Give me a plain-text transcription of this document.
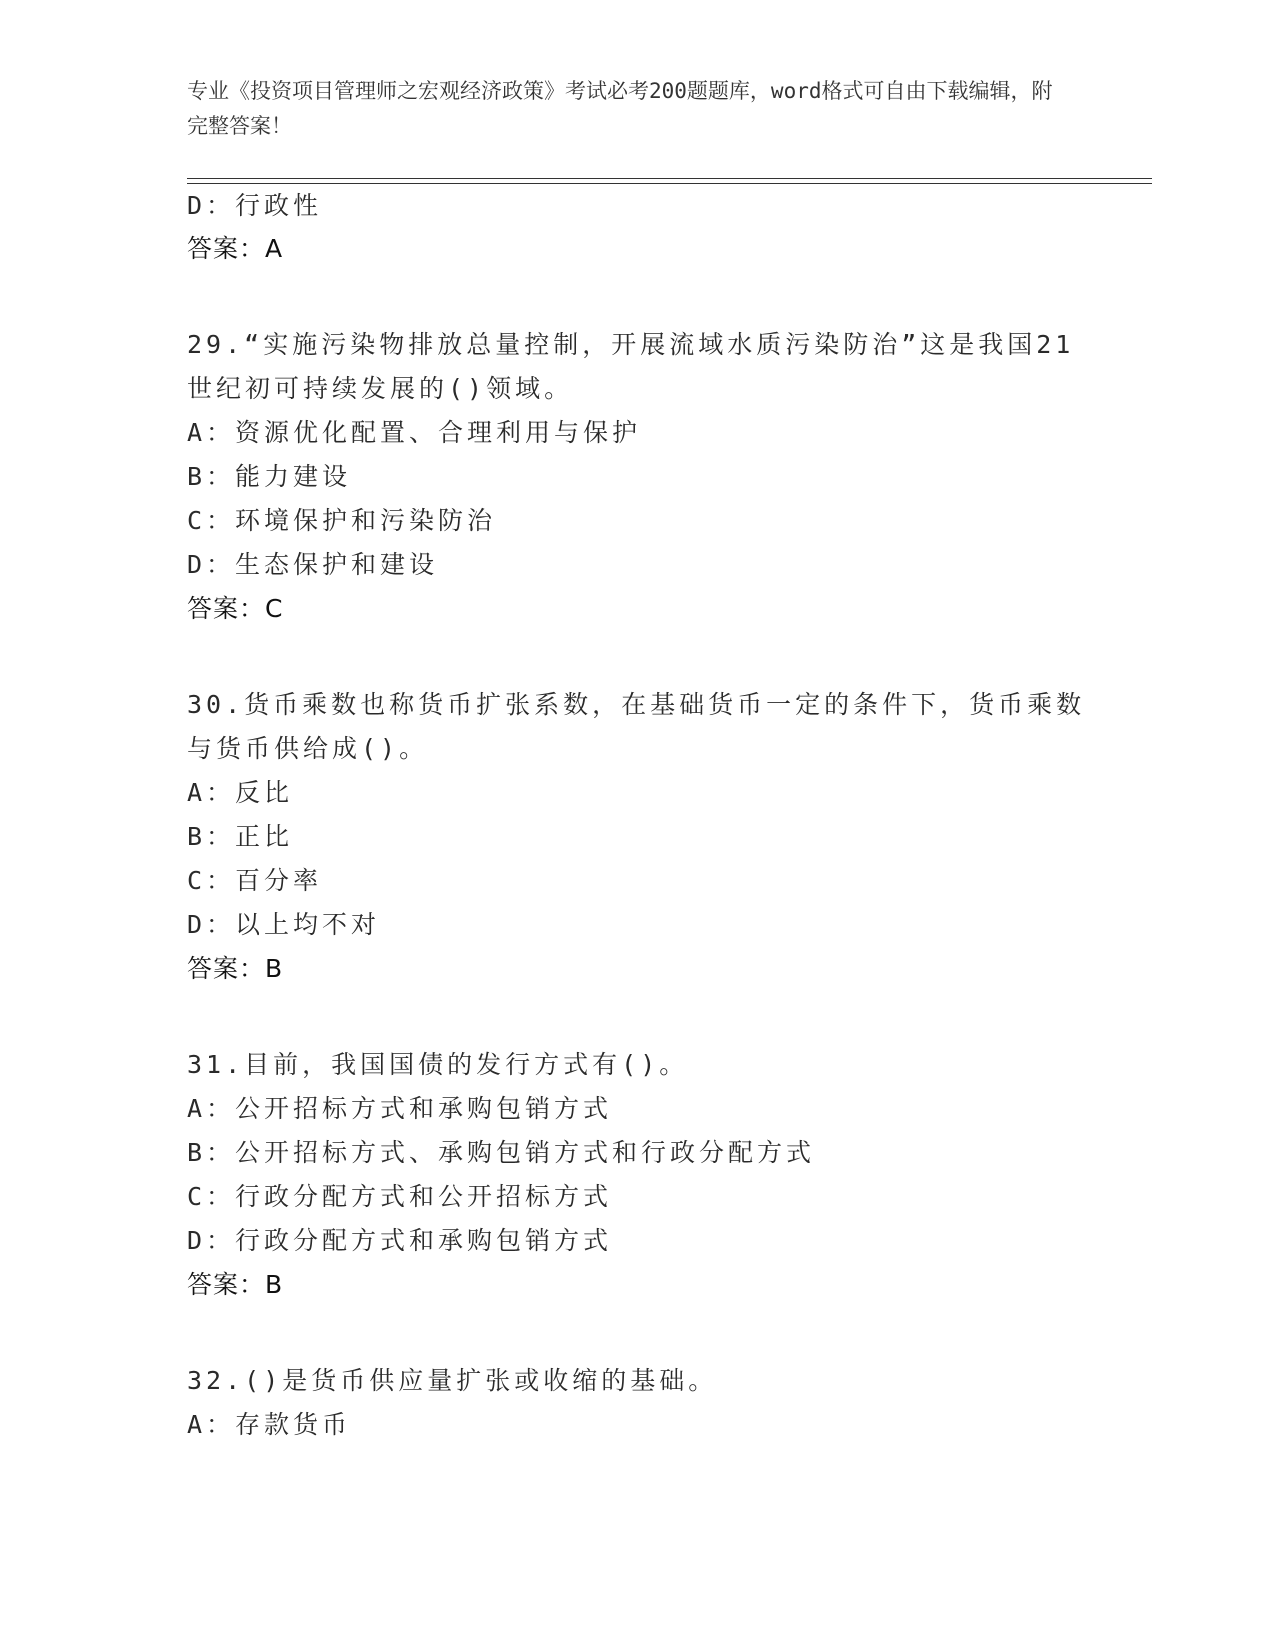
专业《投资项目管理师之宏观经济政策》考试必考200题题库，word格式可自由下载编辑，附完整答案！
D：行政性
答案：A
29.“实施污染物排放总量控制，开展流域水质污染防治”这是我国21
世纪初可持续发展的()领域。
A：资源优化配置、合理利用与保护
B：能力建设
C：环境保护和污染防治
D：生态保护和建设
答案：C
30.货币乘数也称货币扩张系数，在基础货币一定的条件下，货币乘数
与货币供给成()。
A：反比
B：正比
C：百分率
D：以上均不对
答案：B
31.目前，我国国债的发行方式有()。
A：公开招标方式和承购包销方式
B：公开招标方式、承购包销方式和行政分配方式
C：行政分配方式和公开招标方式
D：行政分配方式和承购包销方式
答案：B
32.()是货币供应量扩张或收缩的基础。
A：存款货币
